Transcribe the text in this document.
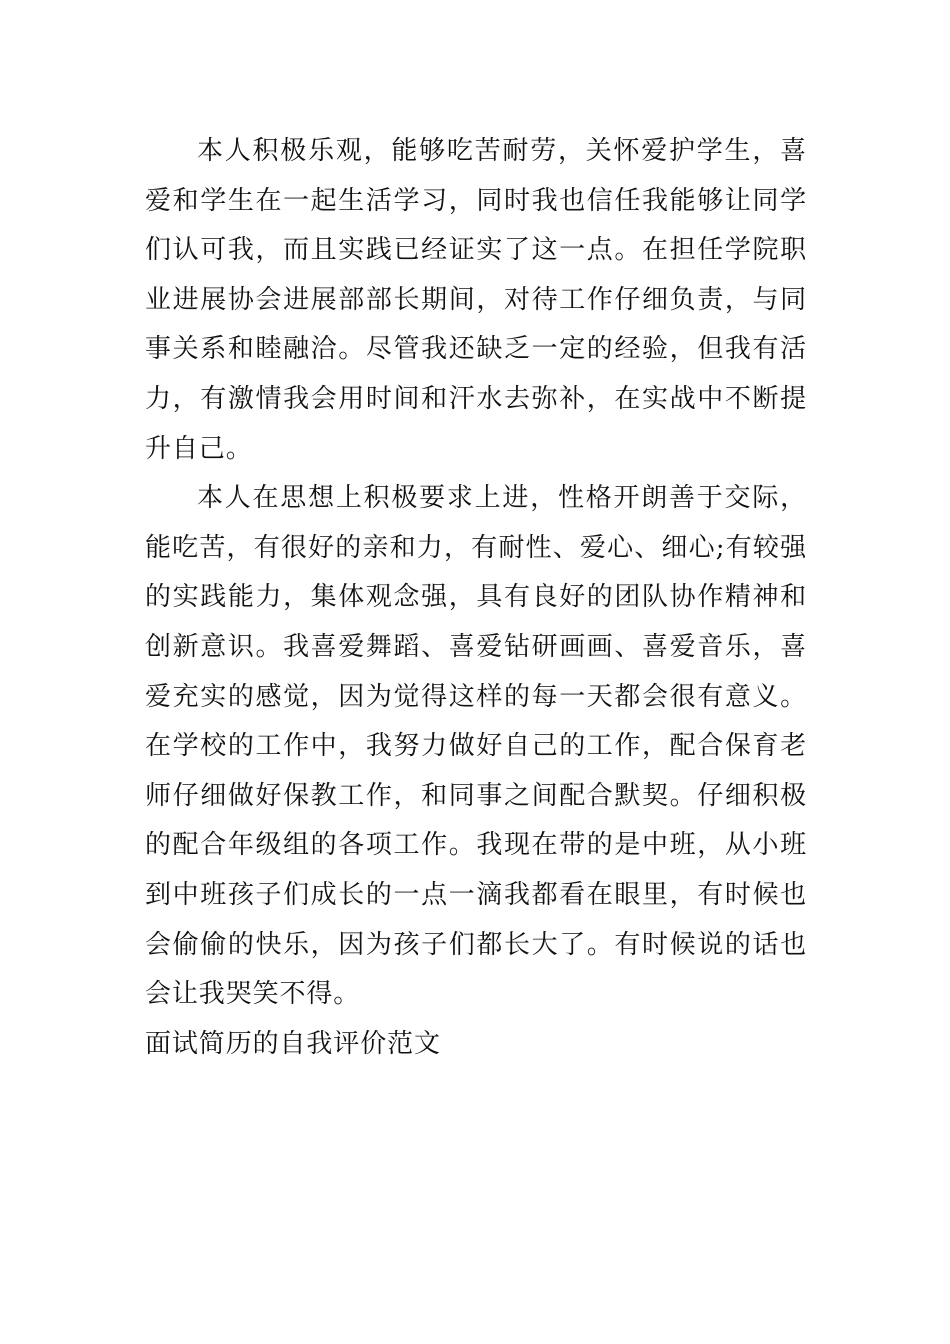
本人积极乐观，能够吃苦耐劳，关怀爱护学生，喜爱和学生在一起生活学习，同时我也信任我能够让同学们认可我，而且实践已经证实了这一点。在担任学院职业进展协会进展部部长期间，对待工作仔细负责，与同事关系和睦融洽。尽管我还缺乏一定的经验，但我有活力，有激情我会用时间和汗水去弥补，在实战中不断提升自己。

本人在思想上积极要求上进，性格开朗善于交际，能吃苦，有很好的亲和力，有耐性、爱心、细心;有较强的实践能力，集体观念强，具有良好的团队协作精神和创新意识。我喜爱舞蹈、喜爱钻研画画、喜爱音乐，喜爱充实的感觉，因为觉得这样的每一天都会很有意义。在学校的工作中，我努力做好自己的工作，配合保育老师仔细做好保教工作，和同事之间配合默契。仔细积极的配合年级组的各项工作。我现在带的是中班，从小班到中班孩子们成长的一点一滴我都看在眼里，有时候也会偷偷的快乐，因为孩子们都长大了。有时候说的话也会让我哭笑不得。

面试简历的自我评价范文
